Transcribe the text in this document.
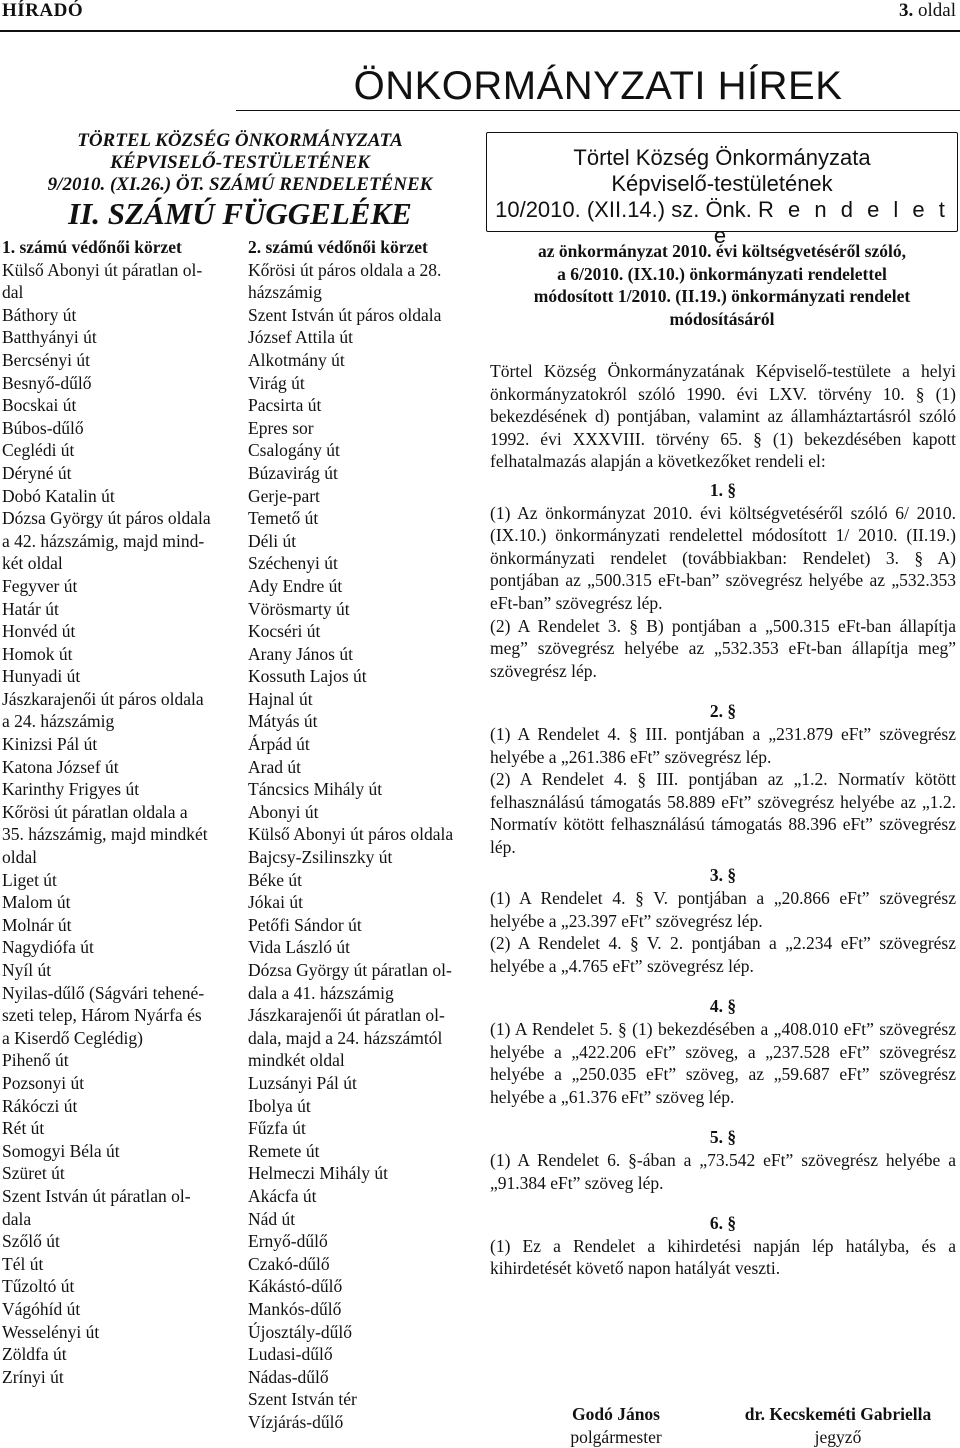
HÍRADÓ	3. oldal
ÖNKORMÁNYZATI HÍREK
TÖRTEL KÖZSÉG ÖNKORMÁNYZATA
KÉPVISELŐ-TESTÜLETÉNEK
9/2010. (XI.26.) ÖT. SZÁMÚ RENDELETÉNEK
II. SZÁMÚ FÜGGELÉKE
1. számú védőnői körzet
Külső Abonyi út páratlan ol-
dal
Báthory út
Batthyányi út
Bercsényi út
Besnyő-dűlő
Bocskai út
Búbos-dűlő
Ceglédi út
Déryné út
Dobó Katalin út
Dózsa György út páros oldala
a 42. házszámig, majd mind-
két oldal
Fegyver út
Határ út
Honvéd út
Homok út
Hunyadi út
Jászkarajenői út páros oldala
a 24. házszámig
Kinizsi Pál út
Katona József út
Karinthy Frigyes út
Kőrösi út páratlan oldala a
35. házszámig, majd mindkét
oldal
Liget út
Malom út
Molnár út
Nagydiófa út
Nyíl út
Nyilas-dűlő (Ságvári tehené-
szeti telep, Három Nyárfa és
a Kiserdő Ceglédig)
Pihenő út
Pozsonyi út
Rákóczi út
Rét út
Somogyi Béla út
Szüret út
Szent István út páratlan ol-
dala
Szőlő út
Tél út
Tűzoltó út
Vágóhíd út
Wesselényi út
Zöldfa út
Zrínyi út
2. számú védőnői körzet
Kőrösi út páros oldala a 28.
házszámig
Szent István út páros oldala
József Attila út
Alkotmány út
Virág út
Pacsirta út
Epres sor
Csalogány út
Búzavirág út
Gerje-part
Temető út
Déli út
Széchenyi út
Ady Endre út
Vörösmarty út
Kocséri út
Arany János út
Kossuth Lajos út
Hajnal út
Mátyás út
Árpád út
Arad út
Táncsics Mihály út
Abonyi út
Külső Abonyi út páros oldala
Bajcsy-Zsilinszky út
Béke út
Jókai út
Petőfi Sándor út
Vida László út
Dózsa György út páratlan ol-
dala a 41. házszámig
Jászkarajenői út páratlan ol-
dala, majd a 24. házszámtól
mindkét oldal
Luzsányi Pál út
Ibolya út
Fűzfa út
Remete út
Helmeczi Mihály út
Akácfa út
Nád út
Ernyő-dűlő
Czakó-dűlő
Kákástó-dűlő
Mankós-dűlő
Újosztály-dűlő
Ludasi-dűlő
Nádas-dűlő
Szent István tér
Vízjárás-dűlő
Törtel Község Önkormányzata
Képviselő-testületének
10/2010. (XII.14.) sz. Önk. R e n d e l e t e
az önkormányzat 2010. évi költségvetéséről szóló,
a 6/2010. (IX.10.) önkormányzati rendelettel
módosított 1/2010. (II.19.) önkormányzati rendelet
módosításáról

Törtel Község Önkormányzatának Képviselő-testülete a helyi önkormányzatokról szóló 1990. évi LXV. törvény 10. § (1) bekezdésének d) pontjában, valamint az államháztartásról szóló 1992. évi XXXVIII. törvény 65. § (1) bekezdésében kapott felhatalmazás alapján a következőket rendeli el:

1. §

(1) Az önkormányzat 2010. évi költségvetéséről szóló 6/ 2010. (IX.10.) önkormányzati rendelettel módosított 1/ 2010. (II.19.) önkormányzati rendelet (továbbiakban: Rendelet) 3. § A) pontjában az „500.315 eFt-ban” szövegrész helyébe az „532.353 eFt-ban” szövegrész lép.

(2) A Rendelet 3. § B) pontjában a „500.315 eFt-ban állapítja meg” szövegrész helyébe az „532.353 eFt-ban állapítja meg” szövegrész lép.

2. §

(1) A Rendelet 4. § III. pontjában a „231.879 eFt” szövegrész helyébe a „261.386 eFt” szövegrész lép.

(2) A Rendelet 4. § III. pontjában az „1.2. Normatív kötött felhasználású támogatás 58.889 eFt” szövegrész helyébe az „1.2. Normatív kötött felhasználású támogatás 88.396 eFt” szövegrész lép.

3. §

(1) A Rendelet 4. § V. pontjában a „20.866 eFt” szövegrész helyébe a „23.397 eFt” szövegrész lép.

(2) A Rendelet 4. § V. 2. pontjában a „2.234 eFt” szövegrész helyébe a „4.765 eFt” szövegrész lép.

4. §

(1) A Rendelet 5. § (1) bekezdésében a „408.010 eFt” szövegrész helyébe a „422.206 eFt” szöveg, a „237.528 eFt” szövegrész helyébe a „250.035 eFt” szöveg, az „59.687 eFt” szövegrész helyébe a „61.376 eFt” szöveg lép.

5. §

(1) A Rendelet 6. §-ában a „73.542 eFt” szövegrész helyébe a „91.384 eFt” szöveg lép.

6. §

(1) Ez a Rendelet a kihirdetési napján lép hatályba, és a kihirdetését követő napon hatályát veszti.

Godó János
polgármester
dr. Kecskeméti Gabriella
jegyző
